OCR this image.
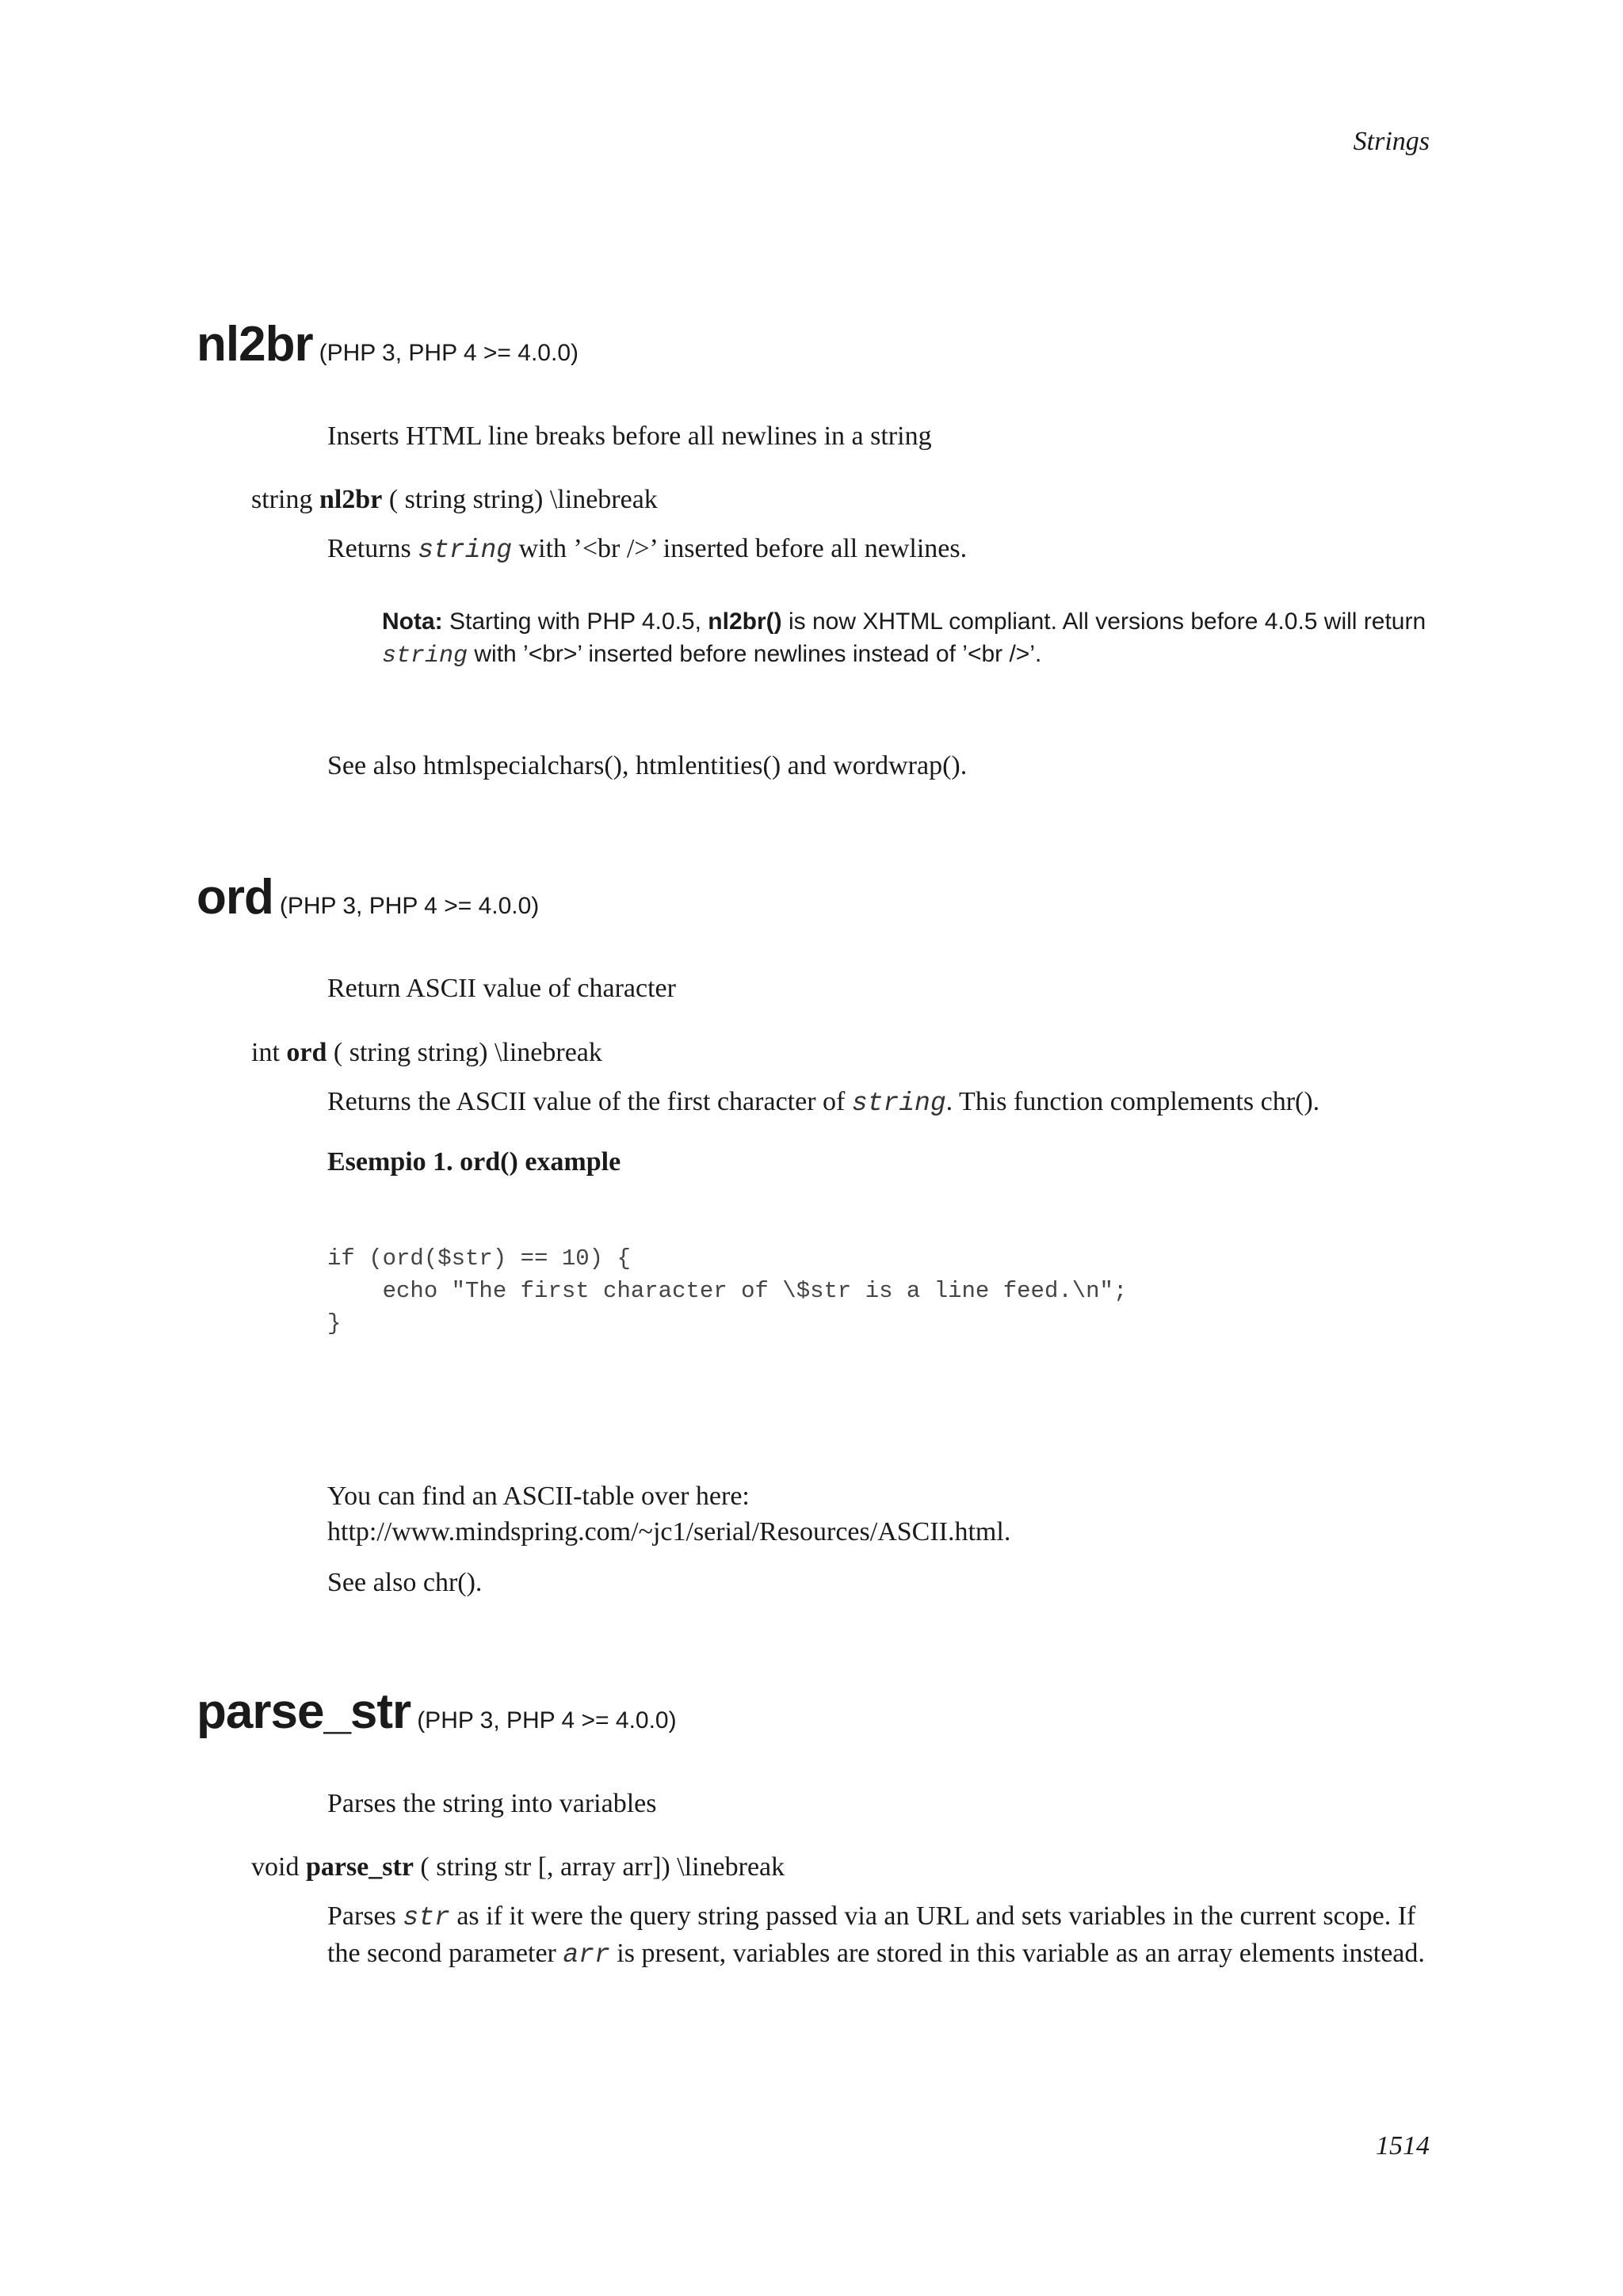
Strings
nl2br (PHP 3, PHP 4 >= 4.0.0)
Inserts HTML line breaks before all newlines in a string
string nl2br ( string string) \linebreak
Returns string with ’<br />’ inserted before all newlines.
Nota: Starting with PHP 4.0.5, nl2br() is now XHTML compliant. All versions before 4.0.5 will return string with ’<br>’ inserted before newlines instead of ’<br />’.
See also htmlspecialchars(), htmlentities() and wordwrap().
ord (PHP 3, PHP 4 >= 4.0.0)
Return ASCII value of character
int ord ( string string) \linebreak
Returns the ASCII value of the first character of string. This function complements chr().
Esempio 1. ord() example
if (ord($str) == 10) {
echo "The first character of \$str is a line feed.\n";
}
You can find an ASCII-table over here:
http://www.mindspring.com/~jc1/serial/Resources/ASCII.html.
See also chr().
parse_str (PHP 3, PHP 4 >= 4.0.0)
Parses the string into variables
void parse_str ( string str [, array arr]) \linebreak
Parses str as if it were the query string passed via an URL and sets variables in the current scope. If the second parameter arr is present, variables are stored in this variable as an array elements instead.
1514
